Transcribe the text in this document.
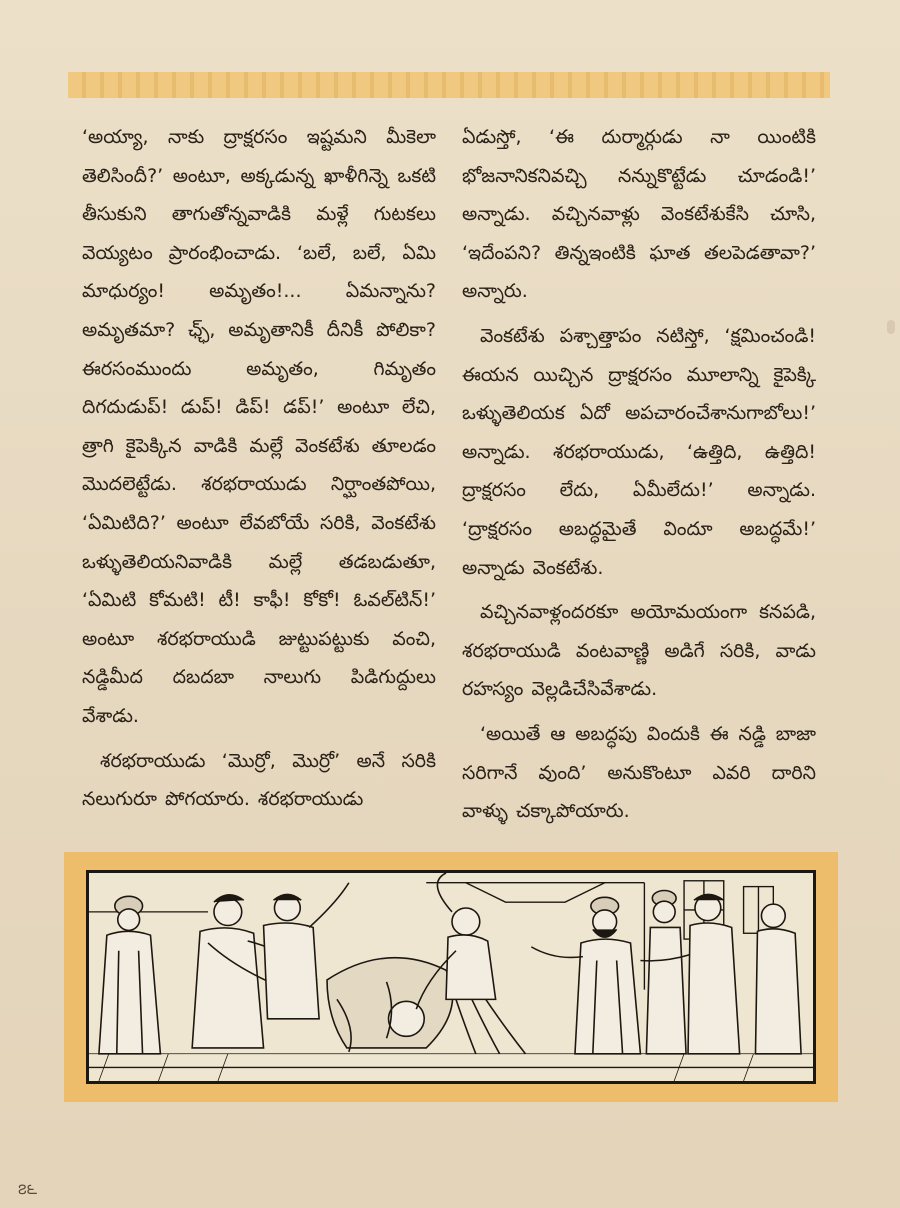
‘అయ్యా, నాకు ద్రాక్షరసం ఇష్టమని మీకెలా తెలిసిందీ?’ అంటూ, అక్కడున్న ఖాళీగిన్నె ఒకటి తీసుకుని తాగుతోన్నవాడికి మళ్లే గుటకలు వెయ్యటం ప్రారంభించాడు. ‘బలే, బలే, ఏమి మాధుర్యం! అమృతం!... ఏమన్నాను? అమృతమా? ఛ్ఛ్, అమృతానికీ దీనికీ పోలికా? ఈరసంముందు అమృతం, గిమృతం దిగదుడుప్! డుప్! డిప్! డప్!’ అంటూ లేచి, త్రాగి కైపెక్కిన వాడికి మల్లే వెంకటేశు తూలడం మొదలెట్టేడు. శరభరాయుడు నిర్ఘాంతపోయి, ‘ఏమిటిది?’ అంటూ లేవబోయే సరికి, వెంకటేశు ఒళ్ళుతెలియనివాడికి మల్లే తడబడుతూ, ‘ఏమిటి కోమటి! టీ! కాఫీ! కోకో! ఓవల్‌టిన్!’ అంటూ శరభరాయుడి జుట్టుపట్టుకు వంచి, నడ్డిమీద దబదబా నాలుగు పిడిగుద్దులు వేశాడు.

శరభరాయుడు ‘మొర్రో, మొర్రో’ అనే సరికి నలుగురూ పోగయారు. శరభరాయుడు

ఏడుస్తో, ‘ఈ దుర్మార్గుడు నా యింటికి భోజనానికనివచ్చి నన్నుకొట్టేడు చూడండి!’ అన్నాడు. వచ్చినవాళ్లు వెంకటేశుకేసి చూసి, ‘ఇదేంపని? తిన్నఇంటికి ఘాత తలపెడతావా?’ అన్నారు.

వెంకటేశు పశ్చాత్తాపం నటిస్తో, ‘క్షమించండి! ఈయన యిచ్చిన ద్రాక్షరసం మూలాన్ని కైపెక్కి ఒళ్ళుతెలియక ఏదో అపచారంచేశానుగాబోలు!’ అన్నాడు. శరభరాయుడు, ‘ఉత్తిది, ఉత్తిది! ద్రాక్షరసం లేదు, ఏమీలేదు!’ అన్నాడు. ‘ద్రాక్షరసం అబద్ధమైతే విందూ అబద్ధమే!’ అన్నాడు వెంకటేశు.

వచ్చినవాళ్లందరకూ అయోమయంగా కనపడి, శరభరాయుడి వంటవాణ్ణి అడిగే సరికి, వాడు రహస్యం వెల్లడిచేసివేశాడు.

‘అయితే ఆ అబద్ధపు విందుకి ఈ నడ్డి బాజా సరిగానే వుంది’ అనుకొంటూ ఎవరి దారిని వాళ్ళు చక్కాపోయారు.

౭౬
